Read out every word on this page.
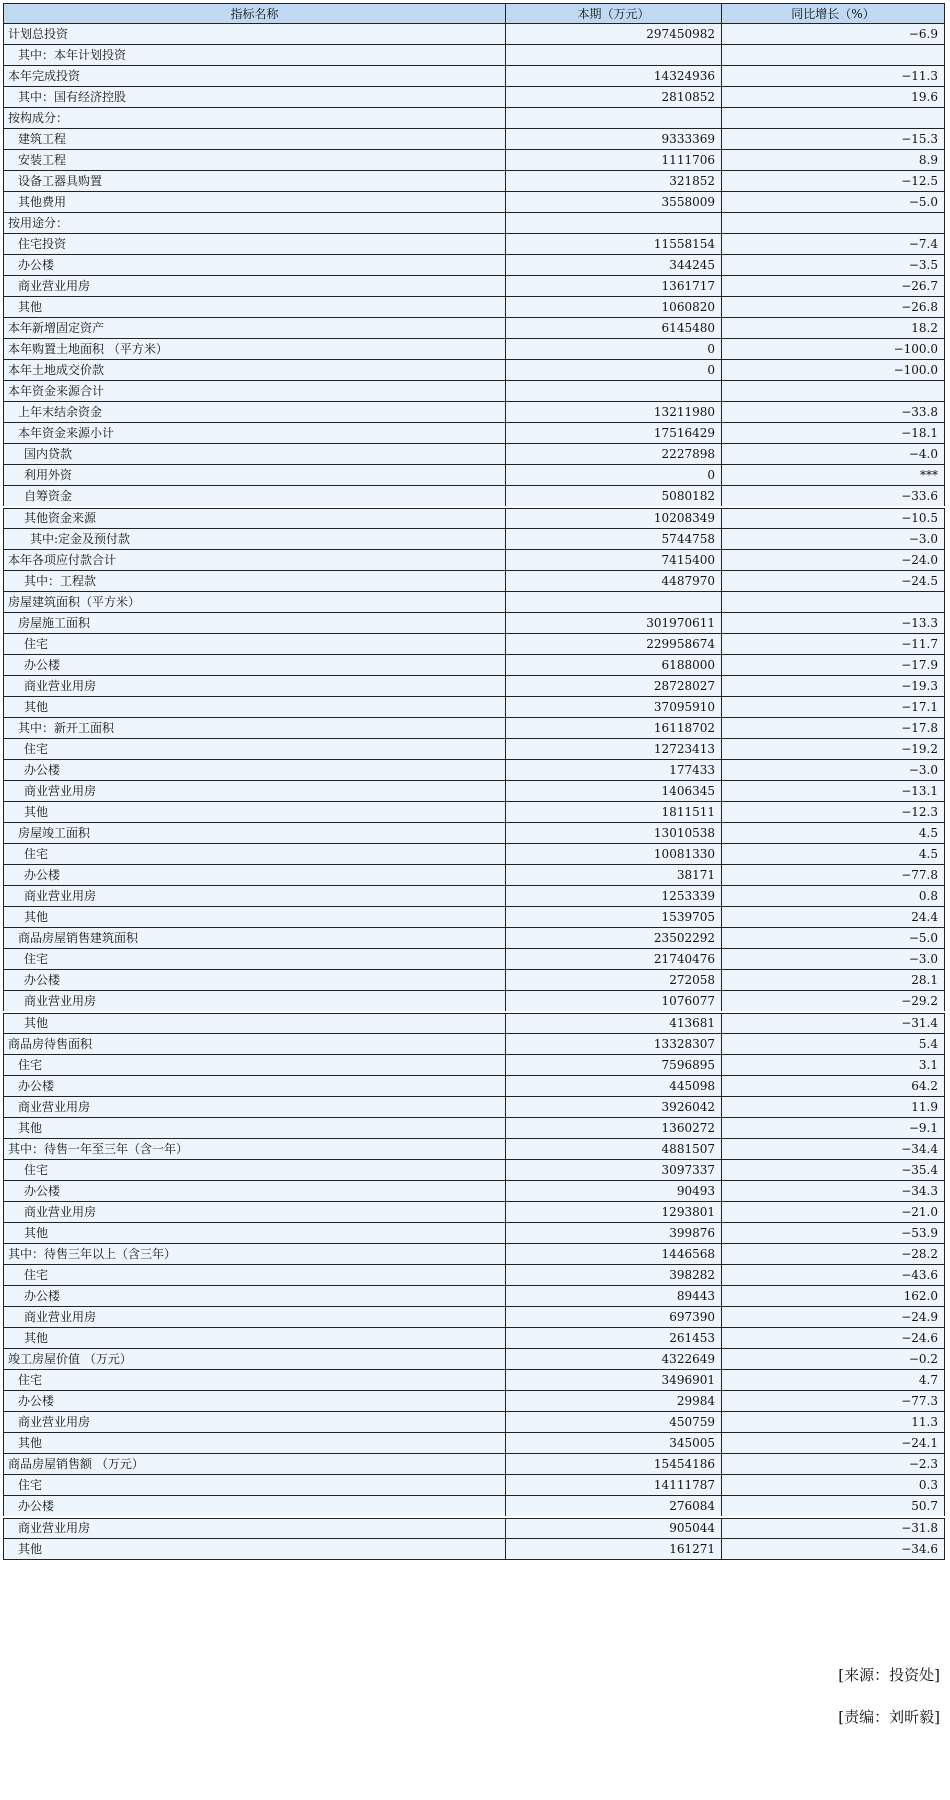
指标名称	本期（万元）	同比增长（%）
计划总投资	297450982	−6.9
其中：本年计划投资		
本年完成投资	14324936	−11.3
其中：国有经济控股	2810852	19.6
按构成分：		
建筑工程	9333369	−15.3
安装工程	1111706	8.9
设备工器具购置	321852	−12.5
其他费用	3558009	−5.0
按用途分：		
住宅投资	11558154	−7.4
办公楼	344245	−3.5
商业营业用房	1361717	−26.7
其他	1060820	−26.8
本年新增固定资产	6145480	18.2
本年购置土地面积 （平方米）	0	−100.0
本年土地成交价款	0	−100.0
本年资金来源合计		
上年末结余资金	13211980	−33.8
本年资金来源小计	17516429	−18.1
国内贷款	2227898	−4.0
利用外资	0	***
自筹资金	5080182	−33.6
其他资金来源	10208349	−10.5
其中:定金及预付款	5744758	−3.0
本年各项应付款合计	7415400	−24.0
其中：工程款	4487970	−24.5
房屋建筑面积（平方米）		
房屋施工面积	301970611	−13.3
住宅	229958674	−11.7
办公楼	6188000	−17.9
商业营业用房	28728027	−19.3
其他	37095910	−17.1
其中：新开工面积	16118702	−17.8
住宅	12723413	−19.2
办公楼	177433	−3.0
商业营业用房	1406345	−13.1
其他	1811511	−12.3
房屋竣工面积	13010538	4.5
住宅	10081330	4.5
办公楼	38171	−77.8
商业营业用房	1253339	0.8
其他	1539705	24.4
商品房屋销售建筑面积	23502292	−5.0
住宅	21740476	−3.0
办公楼	272058	28.1
商业营业用房	1076077	−29.2
其他	413681	−31.4
商品房待售面积	13328307	5.4
住宅	7596895	3.1
办公楼	445098	64.2
商业营业用房	3926042	11.9
其他	1360272	−9.1
其中：待售一年至三年（含一年）	4881507	−34.4
住宅	3097337	−35.4
办公楼	90493	−34.3
商业营业用房	1293801	−21.0
其他	399876	−53.9
其中：待售三年以上（含三年）	1446568	−28.2
住宅	398282	−43.6
办公楼	89443	162.0
商业营业用房	697390	−24.9
其他	261453	−24.6
竣工房屋价值 （万元）	4322649	−0.2
住宅	3496901	4.7
办公楼	29984	−77.3
商业营业用房	450759	11.3
其他	345005	−24.1
商品房屋销售额 （万元）	15454186	−2.3
住宅	14111787	0.3
办公楼	276084	50.7
商业营业用房	905044	−31.8
其他	161271	−34.6
[来源：投资处]
[责编：刘昕毅]
